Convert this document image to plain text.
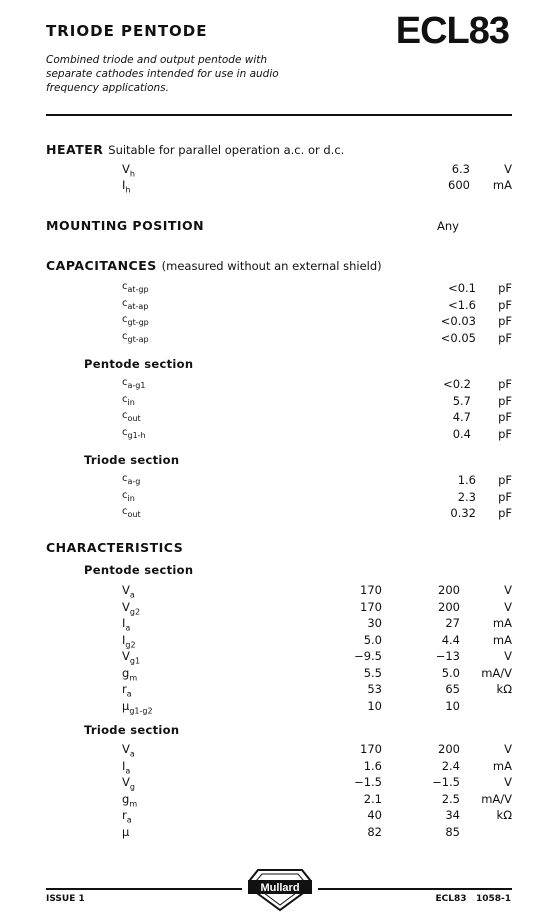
TRIODE PENTODE	ECL83
Combined triode and output pentode with separate cathodes intended for use in audio frequency applications.
HEATER Suitable for parallel operation a.c. or d.c.
MOUNTING POSITION	Any
CAPACITANCES (measured without an external shield)
Pentode section
Triode section
CHARACTERISTICS
Pentode section
Triode section
ISSUE 1
Mullard
ECL83   1058-1
$V_h$	6.3	V
$I_h$	600	mA
$c_{at-gp}$	<0.1	pF
$c_{at-ap}$	<1.6	pF
$c_{gt-gp}$	<0.03	pF
$c_{gt-ap}$	<0.05	pF
$c_{a-g1}$	<0.2	pF
$c_{in}$	5.7	pF
$c_{out}$	4.7	pF
$c_{g1-h}$	0.4	pF
$c_{a-g}$	1.6	pF
$c_{in}$	2.3	pF
$c_{out}$	0.32	pF
$V_a$	170	200	V
$V_{g2}$	170	200	V
$I_a$	30	27	mA
$I_{g2}$	5.0	4.4	mA
$V_{g1}$	−9.5	−13	V
$g_m$	5.5	5.0	mA/V
$r_a$	53	65	kΩ
$\mu_{g1-g2}$	10	10
$V_a$	170	200	V
$I_a$	1.6	2.4	mA
$V_g$	−1.5	−1.5	V
$g_m$	2.1	2.5	mA/V
$r_a$	40	34	kΩ
μ	82	85
